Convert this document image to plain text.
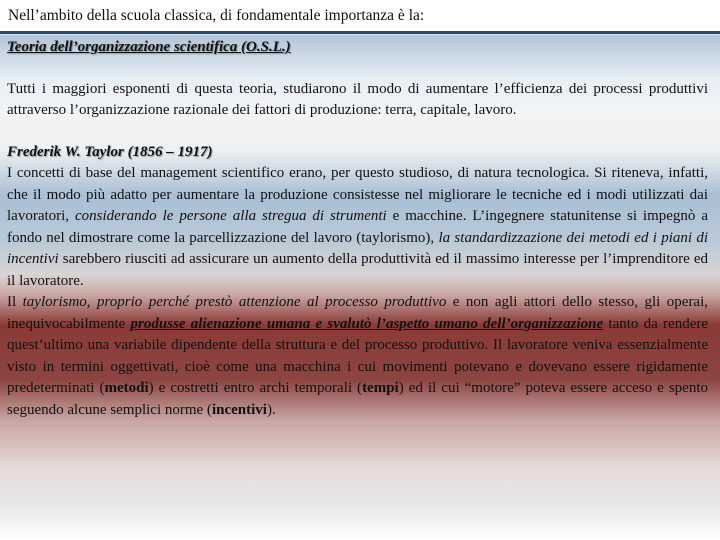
Nell’ambito della scuola classica, di fondamentale importanza è la:

Teoria dell’organizzazione scientifica (O.S.L.)

Tutti i maggiori esponenti di questa teoria, studiarono il modo di aumentare l’efficienza dei processi produttivi attraverso l’organizzazione razionale dei fattori di produzione: terra, capitale, lavoro.

Frederik W. Taylor (1856 – 1917)

I concetti di base del management scientifico erano, per questo studioso, di natura tecnologica. Si riteneva, infatti, che il modo più adatto per aumentare la produzione consistesse nel migliorare le tecniche ed i modi utilizzati dai lavoratori, considerando le persone alla stregua di strumenti e macchine. L’ingegnere statunitense si impegnò a fondo nel dimostrare come la parcellizzazione del lavoro (taylorismo), la standardizzazione dei metodi ed i piani di incentivi sarebbero riusciti ad assicurare un aumento della produttività ed il massimo interesse per l’imprenditore ed il lavoratore.

Il taylorismo, proprio perché prestò attenzione al processo produttivo e non agli attori dello stesso, gli operai, inequivocabilmente produsse alienazione umana e svalutò l’aspetto umano dell’organizzazione tanto da rendere quest’ultimo una variabile dipendente della struttura e del processo produttivo. Il lavoratore veniva essenzialmente visto in termini oggettivati, cioè come una macchina i cui movimenti potevano e dovevano essere rigidamente predeterminati (metodi) e costretti entro archi temporali (tempi) ed il cui “motore” poteva essere acceso e spento seguendo alcune semplici norme (incentivi).
